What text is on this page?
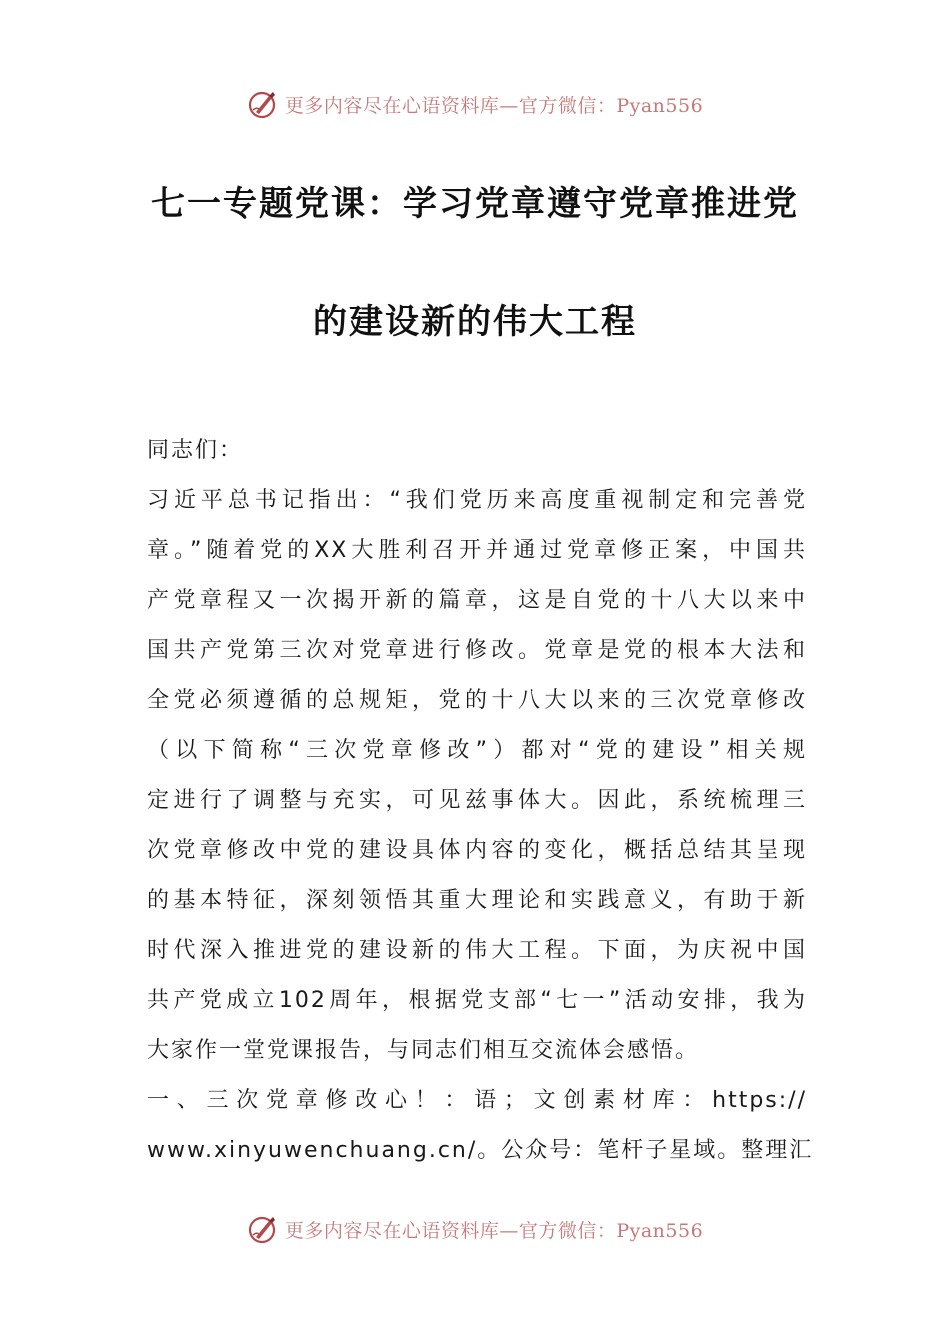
更多内容尽在心语资料库—官方微信：Pyan556
七一专题党课：学习党章遵守党章推进党
的建设新的伟大工程
同志们：
习近平总书记指出：“我们党历来高度重视制定和完善党
章。”随着党的XX大胜利召开并通过党章修正案，中国共
产党章程又一次揭开新的篇章，这是自党的十八大以来中
国共产党第三次对党章进行修改。党章是党的根本大法和
全党必须遵循的总规矩，党的十八大以来的三次党章修改
（以下简称“三次党章修改”）都对“党的建设”相关规
定进行了调整与充实，可见兹事体大。因此，系统梳理三
次党章修改中党的建设具体内容的变化，概括总结其呈现
的基本特征，深刻领悟其重大理论和实践意义，有助于新
时代深入推进党的建设新的伟大工程。下面，为庆祝中国
共产党成立102周年，根据党支部“七一”活动安排，我为
大家作一堂党课报告，与同志们相互交流体会感悟。
一、三次党章修改心！：语；文创素材库：https://
www.xinyuwenchuang.cn/。公众号：笔杆子星域。整理汇
更多内容尽在心语资料库—官方微信：Pyan556
